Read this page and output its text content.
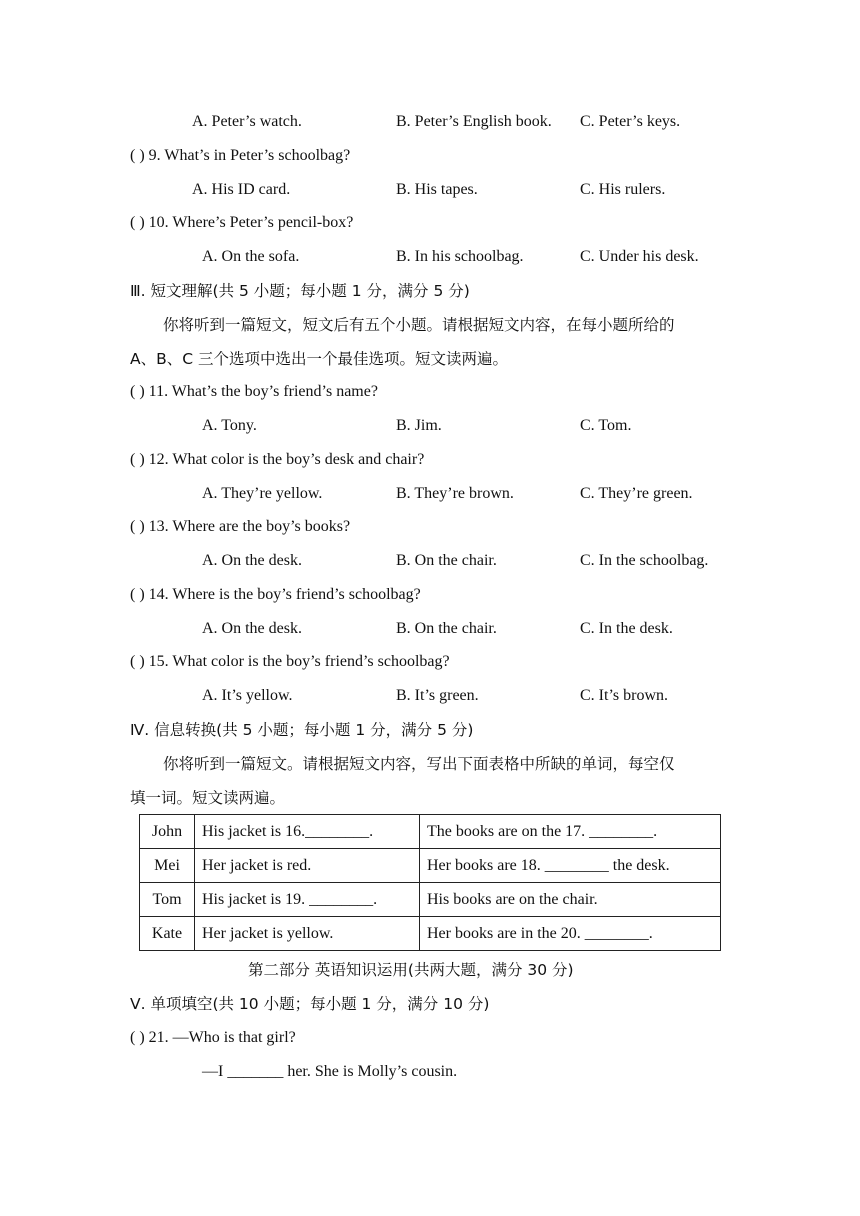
A. Peter’s watch.	B. Peter’s English book. C. Peter’s keys.
( ) 9. What’s in Peter’s schoolbag?
A. His ID card.	B. His tapes.	C. His rulers.
( ) 10. Where’s Peter’s pencil-box?
A. On the sofa.	B. In his schoolbag.	C. Under his desk.
Ⅲ. 短文理解(共 5 小题；每小题 1 分，满分 5 分)
你将听到一篇短文，短文后有五个小题。请根据短文内容，在每小题所给的
A、B、C 三个选项中选出一个最佳选项。短文读两遍。
( ) 11. What’s the boy’s friend’s name?
A. Tony.	B. Jim.	C. Tom.
( ) 12. What color is the boy’s desk and chair?
A. They’re yellow.	B. They’re brown.	C. They’re green.
( ) 13. Where are the boy’s books?
A. On the desk.	B. On the chair.	C. In the schoolbag.
( ) 14. Where is the boy’s friend’s schoolbag?
A. On the desk.	B. On the chair.	C. In the desk.
( ) 15. What color is the boy’s friend’s schoolbag?
A. It’s yellow.	B. It’s green.	C. It’s brown.
Ⅳ. 信息转换(共 5 小题；每小题 1 分，满分 5 分)
你将听到一篇短文。请根据短文内容，写出下面表格中所缺的单词，每空仅
填一词。短文读两遍。
John	His jacket is 16.________.	The books are on the 17. ________.
Mei	Her jacket is red.	Her books are 18. ________ the desk.
Tom	His jacket is 19. ________.	His books are on the chair.
Kate	Her jacket is yellow.	Her books are in the 20. ________.
第二部分 英语知识运用(共两大题，满分 30 分)
Ⅴ. 单项填空(共 10 小题；每小题 1 分，满分 10 分)
( ) 21. —Who is that girl?
—I _______ her. She is Molly’s cousin.
